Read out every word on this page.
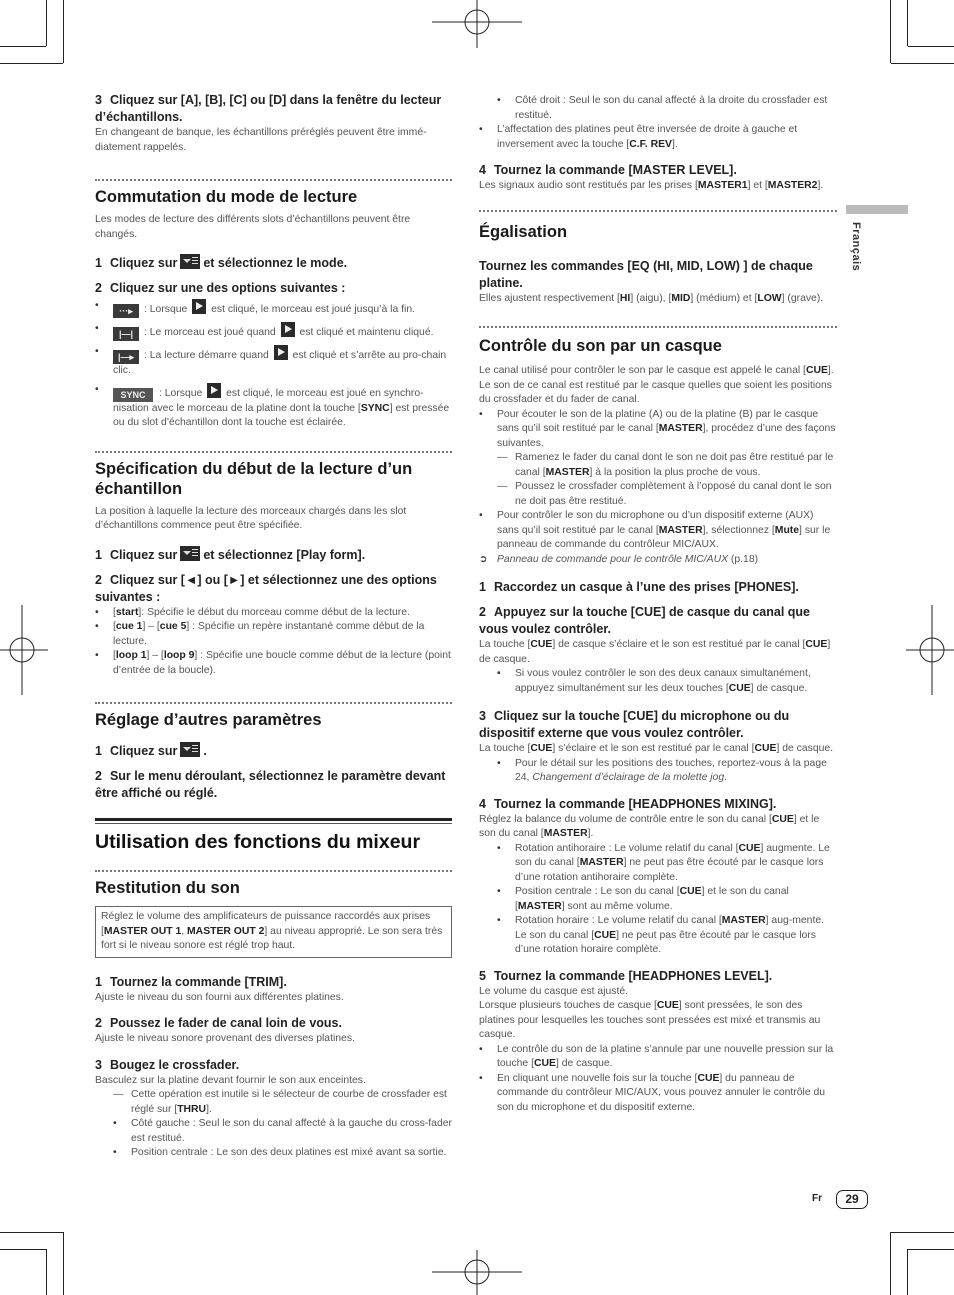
Français

3 Cliquez sur [A], [B], [C] ou [D] dans la fenêtre du lecteur d’échantillons.

En changeant de banque, les échantillons préréglés peuvent être immé-diatement rappelés.

Commutation du mode de lecture

Les modes de lecture des différents slots d’échantillons peuvent être changés.

1 Cliquez sur et sélectionnez le mode.

2 Cliquez sur une des options suivantes :

• ···▸ : Lorsque est cliqué, le morceau est joué jusqu’à la fin.

• |—| : Le morceau est joué quand est cliqué et maintenu cliqué.

• |—▸ : La lecture démarre quand est cliqué et s’arrête au pro-chain clic.

• SYNC : Lorsque est cliqué, le morceau est joué en synchro-nisation avec le morceau de la platine dont la touche [SYNC] est pressée ou du slot d’échantillon dont la touche est éclairée.

Spécification du début de la lecture d’un échantillon

La position à laquelle la lecture des morceaux chargés dans les slot d’échantillons commence peut être spécifiée.

1 Cliquez sur et sélectionnez [Play form].

2 Cliquez sur [◄] ou [►] et sélectionnez une des options suivantes :

• [start]: Spécifie le début du morceau comme début de la lecture.

• [cue 1] – [cue 5] : Spécifie un repère instantané comme début de la lecture.

• [loop 1] – [loop 9] : Spécifie une boucle comme début de la lecture (point d’entrée de la boucle).

Réglage d’autres paramètres

1 Cliquez sur .

2 Sur le menu déroulant, sélectionnez le paramètre devant être affiché ou réglé.

Utilisation des fonctions du mixeur

Restitution du son

Réglez le volume des amplificateurs de puissance raccordés aux prises [MASTER OUT 1, MASTER OUT 2] au niveau approprié. Le son sera très fort si le niveau sonore est réglé trop haut.

1 Tournez la commande [TRIM].

Ajuste le niveau du son fourni aux différentes platines.

2 Poussez le fader de canal loin de vous.

Ajuste le niveau sonore provenant des diverses platines.

3 Bougez le crossfader.

Basculez sur la platine devant fournir le son aux enceintes.

— Cette opération est inutile si le sélecteur de courbe de crossfader est réglé sur [THRU].

• Côté gauche : Seul le son du canal affecté à la gauche du cross-fader est restitué.

• Position centrale : Le son des deux platines est mixé avant sa sortie.

• Côté droit : Seul le son du canal affecté à la droite du crossfader est restitué.

• L’affectation des platines peut être inversée de droite à gauche et inversement avec la touche [C.F. REV].

4 Tournez la commande [MASTER LEVEL].

Les signaux audio sont restitués par les prises [MASTER1] et [MASTER2].

Égalisation

Tournez les commandes [EQ (HI, MID, LOW) ] de chaque platine.

Elles ajustent respectivement [HI] (aigu), [MID] (médium) et [LOW] (grave).

Contrôle du son par un casque

Le canal utilisé pour contrôler le son par le casque est appelé le canal [CUE]. Le son de ce canal est restitué par le casque quelles que soient les positions du crossfader et du fader de canal.

• Pour écouter le son de la platine (A) ou de la platine (B) par le casque sans qu’il soit restitué par le canal [MASTER], procédez d’une des façons suivantes.

— Ramenez le fader du canal dont le son ne doit pas être restitué par le canal [MASTER] à la position la plus proche de vous.

— Poussez le crossfader complètement à l’opposé du canal dont le son ne doit pas être restitué.

• Pour contrôler le son du microphone ou d’un dispositif externe (AUX) sans qu’il soit restitué par le canal [MASTER], sélectionnez [Mute] sur le panneau de commande du contrôleur MIC/AUX.

➲ Panneau de commande pour le contrôle MIC/AUX (p.18)

1 Raccordez un casque à l’une des prises [PHONES].

2 Appuyez sur la touche [CUE] de casque du canal que vous voulez contrôler.

La touche [CUE] de casque s’éclaire et le son est restitué par le canal [CUE] de casque.

• Si vous voulez contrôler le son des deux canaux simultanément, appuyez simultanément sur les deux touches [CUE] de casque.

3 Cliquez sur la touche [CUE] du microphone ou du dispositif externe que vous voulez contrôler.

La touche [CUE] s’éclaire et le son est restitué par le canal [CUE] de casque.

• Pour le détail sur les positions des touches, reportez-vous à la page 24, Changement d’éclairage de la molette jog.

4 Tournez la commande [HEADPHONES MIXING].

Réglez la balance du volume de contrôle entre le son du canal [CUE] et le son du canal [MASTER].

• Rotation antihoraire : Le volume relatif du canal [CUE] augmente. Le son du canal [MASTER] ne peut pas être écouté par le casque lors d’une rotation antihoraire complète.

• Position centrale : Le son du canal [CUE] et le son du canal [MASTER] sont au même volume.

• Rotation horaire : Le volume relatif du canal [MASTER] aug-mente. Le son du canal [CUE] ne peut pas être écouté par le casque lors d’une rotation horaire complète.

5 Tournez la commande [HEADPHONES LEVEL].

Le volume du casque est ajusté.

Lorsque plusieurs touches de casque [CUE] sont pressées, le son des platines pour lesquelles les touches sont pressées est mixé et transmis au casque.

• Le contrôle du son de la platine s’annule par une nouvelle pression sur la touche [CUE] de casque.

• En cliquant une nouvelle fois sur la touche [CUE] du panneau de commande du contrôleur MIC/AUX, vous pouvez annuler le contrôle du son du microphone et du dispositif externe.

Fr	29
